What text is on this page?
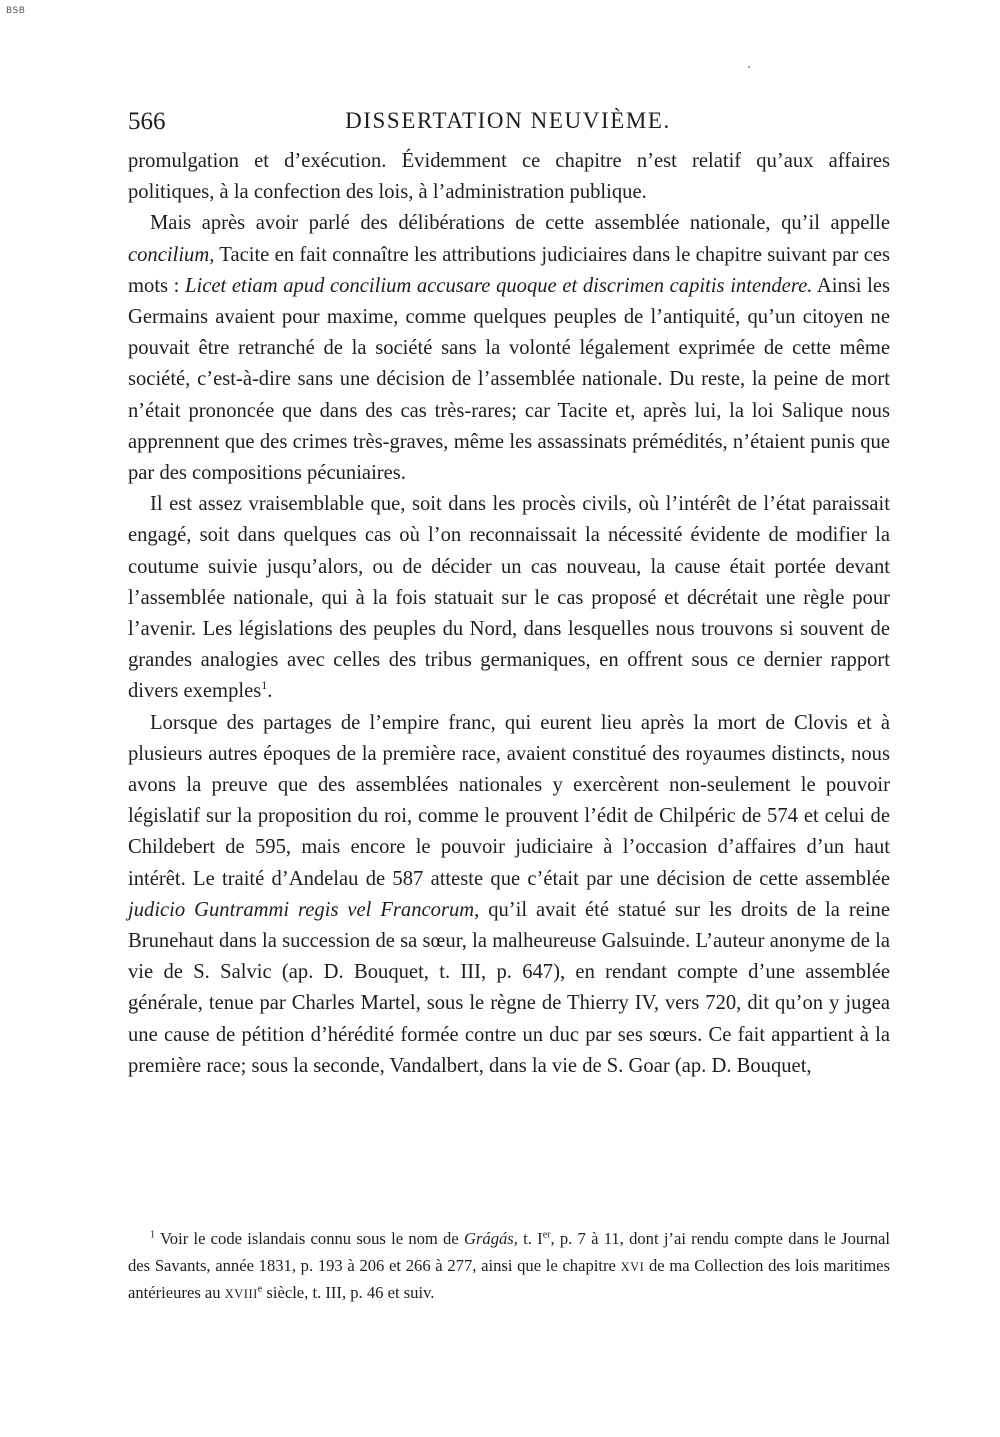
BSB
566	DISSERTATION NEUVIÈME.

promulgation et d’exécution. Évidemment ce chapitre n’est relatif qu’aux affaires politiques, à la confection des lois, à l’administration publique.

Mais après avoir parlé des délibérations de cette assemblée nationale, qu’il appelle concilium, Tacite en fait connaître les attributions judiciaires dans le chapitre suivant par ces mots : Licet etiam apud concilium accusare quoque et discrimen capitis intendere. Ainsi les Germains avaient pour maxime, comme quelques peuples de l’antiquité, qu’un citoyen ne pouvait être retranché de la société sans la volonté légalement exprimée de cette même société, c’est-à-dire sans une décision de l’assemblée nationale. Du reste, la peine de mort n’était prononcée que dans des cas très-rares; car Tacite et, après lui, la loi Salique nous apprennent que des crimes très-graves, même les assassinats prémédités, n’étaient punis que par des compositions pécuniaires.

Il est assez vraisemblable que, soit dans les procès civils, où l’intérêt de l’état paraissait engagé, soit dans quelques cas où l’on reconnaissait la nécessité évidente de modifier la coutume suivie jusqu’alors, ou de décider un cas nouveau, la cause était portée devant l’assemblée nationale, qui à la fois statuait sur le cas proposé et décrétait une règle pour l’avenir. Les législations des peuples du Nord, dans lesquelles nous trouvons si souvent de grandes analogies avec celles des tribus germaniques, en offrent sous ce dernier rapport divers exemples$^1$.

Lorsque des partages de l’empire franc, qui eurent lieu après la mort de Clovis et à plusieurs autres époques de la première race, avaient constitué des royaumes distincts, nous avons la preuve que des assemblées nationales y exercèrent non-seulement le pouvoir législatif sur la proposition du roi, comme le prouvent l’édit de Chilpéric de 574 et celui de Childebert de 595, mais encore le pouvoir judiciaire à l’occasion d’affaires d’un haut intérêt. Le traité d’Andelau de 587 atteste que c’était par une décision de cette assemblée judicio Guntrammi regis vel Francorum, qu’il avait été statué sur les droits de la reine Brunehaut dans la succession de sa sœur, la malheureuse Galsuinde. L’auteur anonyme de la vie de S. Salvic (ap. D. Bouquet, t. III, p. 647), en rendant compte d’une assemblée générale, tenue par Charles Martel, sous le règne de Thierry IV, vers 720, dit qu’on y jugea une cause de pétition d’hérédité formée contre un duc par ses sœurs. Ce fait appartient à la première race; sous la seconde, Vandalbert, dans la vie de S. Goar (ap. D. Bouquet,

$^1$ Voir le code islandais connu sous le nom de Grágás, t. Ier, p. 7 à 11, dont j’ai rendu compte dans le Journal des Savants, année 1831, p. 193 à 206 et 266 à 277, ainsi que le chapitre XVI de ma Collection des lois maritimes antérieures au XVIIIe siècle, t. III, p. 46 et suiv.
